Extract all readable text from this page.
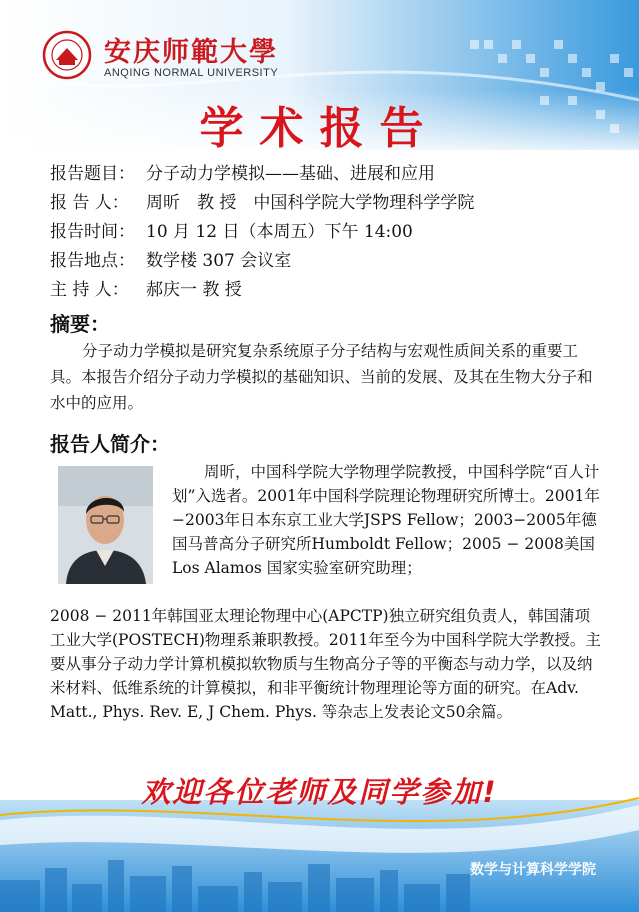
安庆师範大學
ANQING NORMAL UNIVERSITY
学术报告
报告题目： 分子动力学模拟——基础、进展和应用
报 告 人： 周昕　教 授　中国科学院大学物理科学学院
报告时间： 10 月 12 日（本周五）下午 14:00
报告地点： 数学楼 307 会议室
主 持 人： 郝庆一 教 授
摘要：
分子动力学模拟是研究复杂系统原子分子结构与宏观性质间关系的重要工具。本报告介绍分子动力学模拟的基础知识、当前的发展、及其在生物大分子和水中的应用。
报告人简介：
周昕，中国科学院大学物理学院教授，中国科学院“百人计划”入选者。2001年中国科学院理论物理研究所博士。2001年−2003年日本东京工业大学JSPS Fellow；2003−2005年德国马普高分子研究所Humboldt Fellow；2005 − 2008美国Los Alamos 国家实验室研究助理；
2008 − 2011年韩国亚太理论物理中心(APCTP)独立研究组负责人，韩国蒲项工业大学(POSTECH)物理系兼职教授。2011年至今为中国科学院大学教授。主要从事分子动力学计算机模拟软物质与生物高分子等的平衡态与动力学，以及纳米材料、低维系统的计算模拟，和非平衡统计物理理论等方面的研究。在Adv. Matt., Phys. Rev. E, J Chem. Phys. 等杂志上发表论文50余篇。
欢迎各位老师及同学参加!
数学与计算科学学院
